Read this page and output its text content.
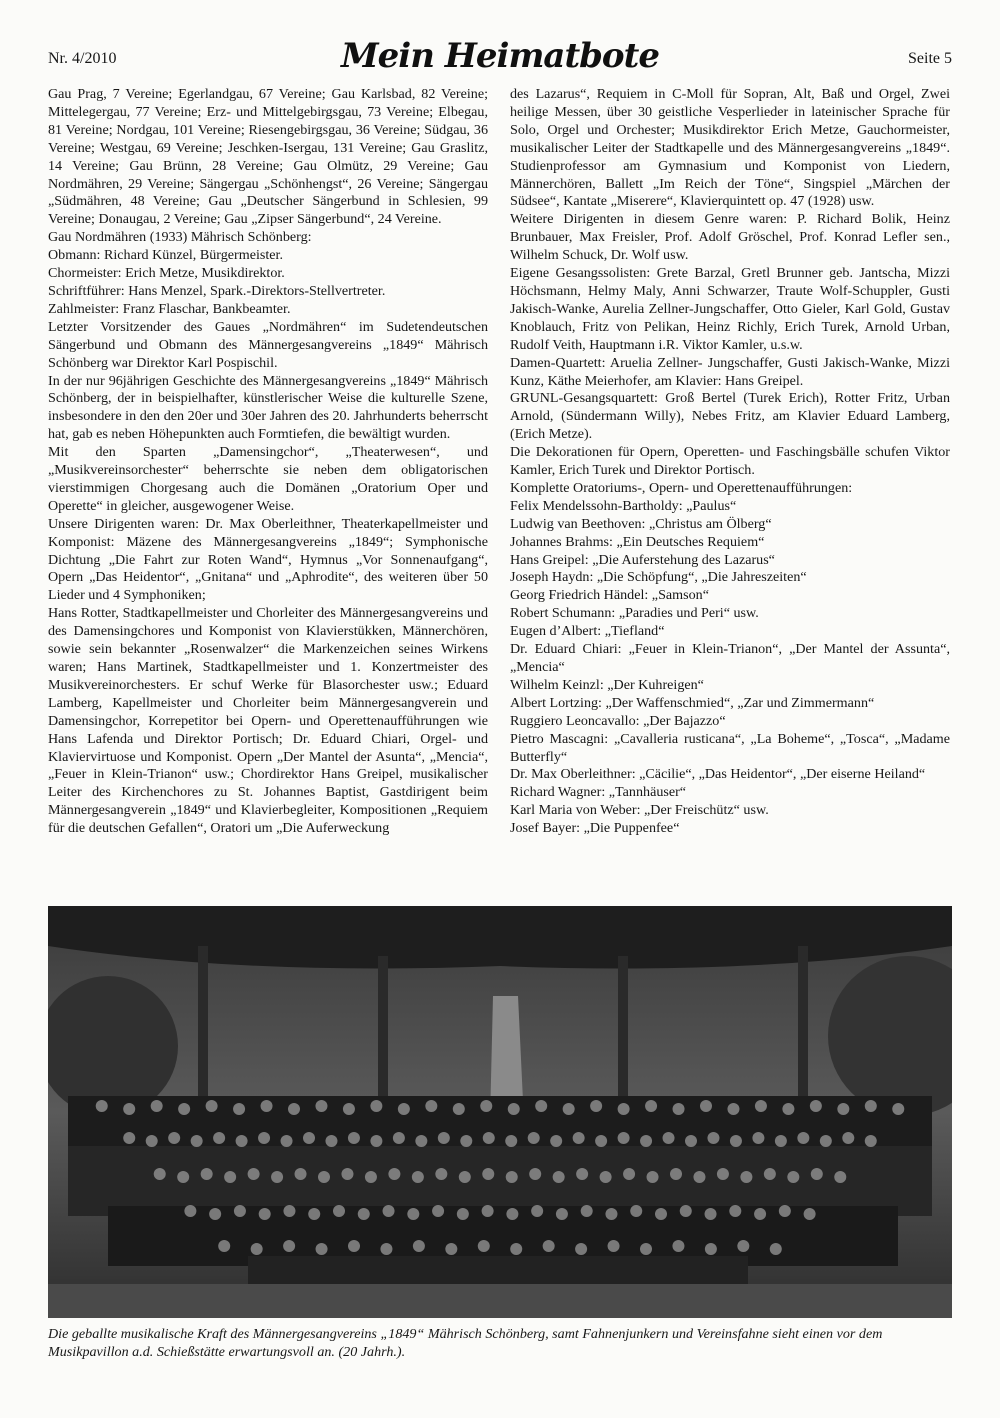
Nr. 4/2010	Mein Heimatbote	Seite 5

Gau Prag, 7 Vereine; Egerlandgau, 67 Vereine; Gau Karlsbad, 82 Vereine; Mittelegergau, 77 Vereine; Erz- und Mittelgebirgsgau, 73 Vereine; Elbegau, 81 Vereine; Nordgau, 101 Vereine; Riesengebirgsgau, 36 Vereine; Südgau, 36 Vereine; Westgau, 69 Vereine; Jeschken-Isergau, 131 Vereine; Gau Graslitz, 14 Vereine; Gau Brünn, 28 Vereine; Gau Olmütz, 29 Vereine; Gau Nordmähren, 29 Vereine; Sängergau „Schönhengst“, 26 Vereine; Sängergau „Südmähren, 48 Vereine; Gau „Deutscher Sängerbund in Schlesien, 99 Vereine; Donaugau, 2 Vereine; Gau „Zipser Sängerbund“, 24 Vereine.

Gau Nordmähren (1933) Mährisch Schönberg:

Obmann: Richard Künzel, Bürgermeister.

Chormeister: Erich Metze, Musikdirektor.

Schriftführer: Hans Menzel, Spark.-Direktors-Stellvertreter.

Zahlmeister: Franz Flaschar, Bankbeamter.

Letzter Vorsitzender des Gaues „Nordmähren“ im Sudetendeutschen Sängerbund und Obmann des Männergesangvereins „1849“ Mährisch Schönberg war Direktor Karl Pospischil.

In der nur 96jährigen Geschichte des Männergesangvereins „1849“ Mährisch Schönberg, der in beispielhafter, künstlerischer Weise die kulturelle Szene, insbesondere in den den 20er und 30er Jahren des 20. Jahrhunderts beherrscht hat, gab es neben Höhepunkten auch Formtiefen, die bewältigt wurden.

Mit den Sparten „Damensingchor“, „Theaterwesen“, und „Musikvereinsorchester“ beherrschte sie neben dem obligatorischen vierstimmigen Chorgesang auch die Domänen „Oratorium Oper und Operette“ in gleicher, ausgewogener Weise.

Unsere Dirigenten waren: Dr. Max Oberleithner, Theaterkapellmeister und Komponist: Mäzene des Männergesangvereins „1849“; Symphonische Dichtung „Die Fahrt zur Roten Wand“, Hymnus „Vor Sonnenaufgang“, Opern „Das Heidentor“, „Gnitana“ und „Aphrodite“, des weiteren über 50 Lieder und 4 Symphoniken;

Hans Rotter, Stadtkapellmeister und Chorleiter des Männergesangvereins und des Damensingchores und Komponist von Klavierstükken, Männerchören, sowie sein bekannter „Rosenwalzer“ die Markenzeichen seines Wirkens waren; Hans Martinek, Stadtkapellmeister und 1. Konzertmeister des Musikvereinorchesters. Er schuf Werke für Blasorchester usw.; Eduard Lamberg, Kapellmeister und Chorleiter beim Männergesangverein und Damensingchor, Korrepetitor bei Opern- und Operettenaufführungen wie Hans Lafenda und Direktor Portisch; Dr. Eduard Chiari, Orgel- und Klaviervirtuose und Komponist. Opern „Der Mantel der Asunta“, „Mencia“, „Feuer in Klein-Trianon“ usw.; Chordirektor Hans Greipel, musikalischer Leiter des Kirchenchores zu St. Johannes Baptist, Gastdirigent beim Männergesangverein „1849“ und Klavierbegleiter, Kompositionen „Requiem für die deutschen Gefallen“, Oratori um „Die Auferweckung

des Lazarus“, Requiem in C-Moll für Sopran, Alt, Baß und Orgel, Zwei heilige Messen, über 30 geistliche Vesperlieder in lateinischer Sprache für Solo, Orgel und Orchester; Musikdirektor Erich Metze, Gauchormeister, musikalischer Leiter der Stadtkapelle und des Männergesangvereins „1849“. Studienprofessor am Gymnasium und Komponist von Liedern, Männerchören, Ballett „Im Reich der Töne“, Singspiel „Märchen der Südsee“, Kantate „Miserere“, Klavierquintett op. 47 (1928) usw.

Weitere Dirigenten in diesem Genre waren: P. Richard Bolik, Heinz Brunbauer, Max Freisler, Prof. Adolf Gröschel, Prof. Konrad Lefler sen., Wilhelm Schuck, Dr. Wolf usw.

Eigene Gesangssolisten: Grete Barzal, Gretl Brunner geb. Jantscha, Mizzi Höchsmann, Helmy Maly, Anni Schwarzer, Traute Wolf-Schuppler, Gusti Jakisch-Wanke, Aurelia Zellner-Jungschaffer, Otto Gieler, Karl Gold, Gustav Knoblauch, Fritz von Pelikan, Heinz Richly, Erich Turek, Arnold Urban, Rudolf Veith, Hauptmann i.R. Viktor Kamler, u.s.w.

Damen-Quartett: Aruelia Zellner- Jungschaffer, Gusti Jakisch-Wanke, Mizzi Kunz, Käthe Meierhofer, am Klavier: Hans Greipel.

GRUNL-Gesangsquartett: Groß Bertel (Turek Erich), Rotter Fritz, Urban Arnold, (Sündermann Willy), Nebes Fritz, am Klavier Eduard Lamberg, (Erich Metze).

Die Dekorationen für Opern, Operetten- und Faschingsbälle schufen Viktor Kamler, Erich Turek und Direktor Portisch.

Komplette Oratoriums-, Opern- und Operettenaufführungen:

Felix Mendelssohn-Bartholdy: „Paulus“

Ludwig van Beethoven: „Christus am Ölberg“

Johannes Brahms: „Ein Deutsches Requiem“

Hans Greipel: „Die Auferstehung des Lazarus“

Joseph Haydn: „Die Schöpfung“, „Die Jahreszeiten“

Georg Friedrich Händel: „Samson“

Robert Schumann: „Paradies und Peri“ usw.

Eugen d’Albert: „Tiefland“

Dr. Eduard Chiari: „Feuer in Klein-Trianon“, „Der Mantel der Assunta“, „Mencia“

Wilhelm Keinzl: „Der Kuhreigen“

Albert Lortzing: „Der Waffenschmied“, „Zar und Zimmermann“

Ruggiero Leoncavallo: „Der Bajazzo“

Pietro Mascagni: „Cavalleria rusticana“, „La Boheme“, „Tosca“, „Madame Butterfly“

Dr. Max Oberleithner: „Cäcilie“, „Das Heidentor“, „Der eiserne Heiland“

Richard Wagner: „Tannhäuser“

Karl Maria von Weber: „Der Freischütz“ usw.

Josef Bayer: „Die Puppenfee“

Die geballte musikalische Kraft des Männergesangvereins „1849“ Mährisch Schönberg, samt Fahnenjunkern und Vereinsfahne sieht einen vor dem Musikpavillon a.d. Schießstätte erwartungsvoll an. (20 Jahrh.).
